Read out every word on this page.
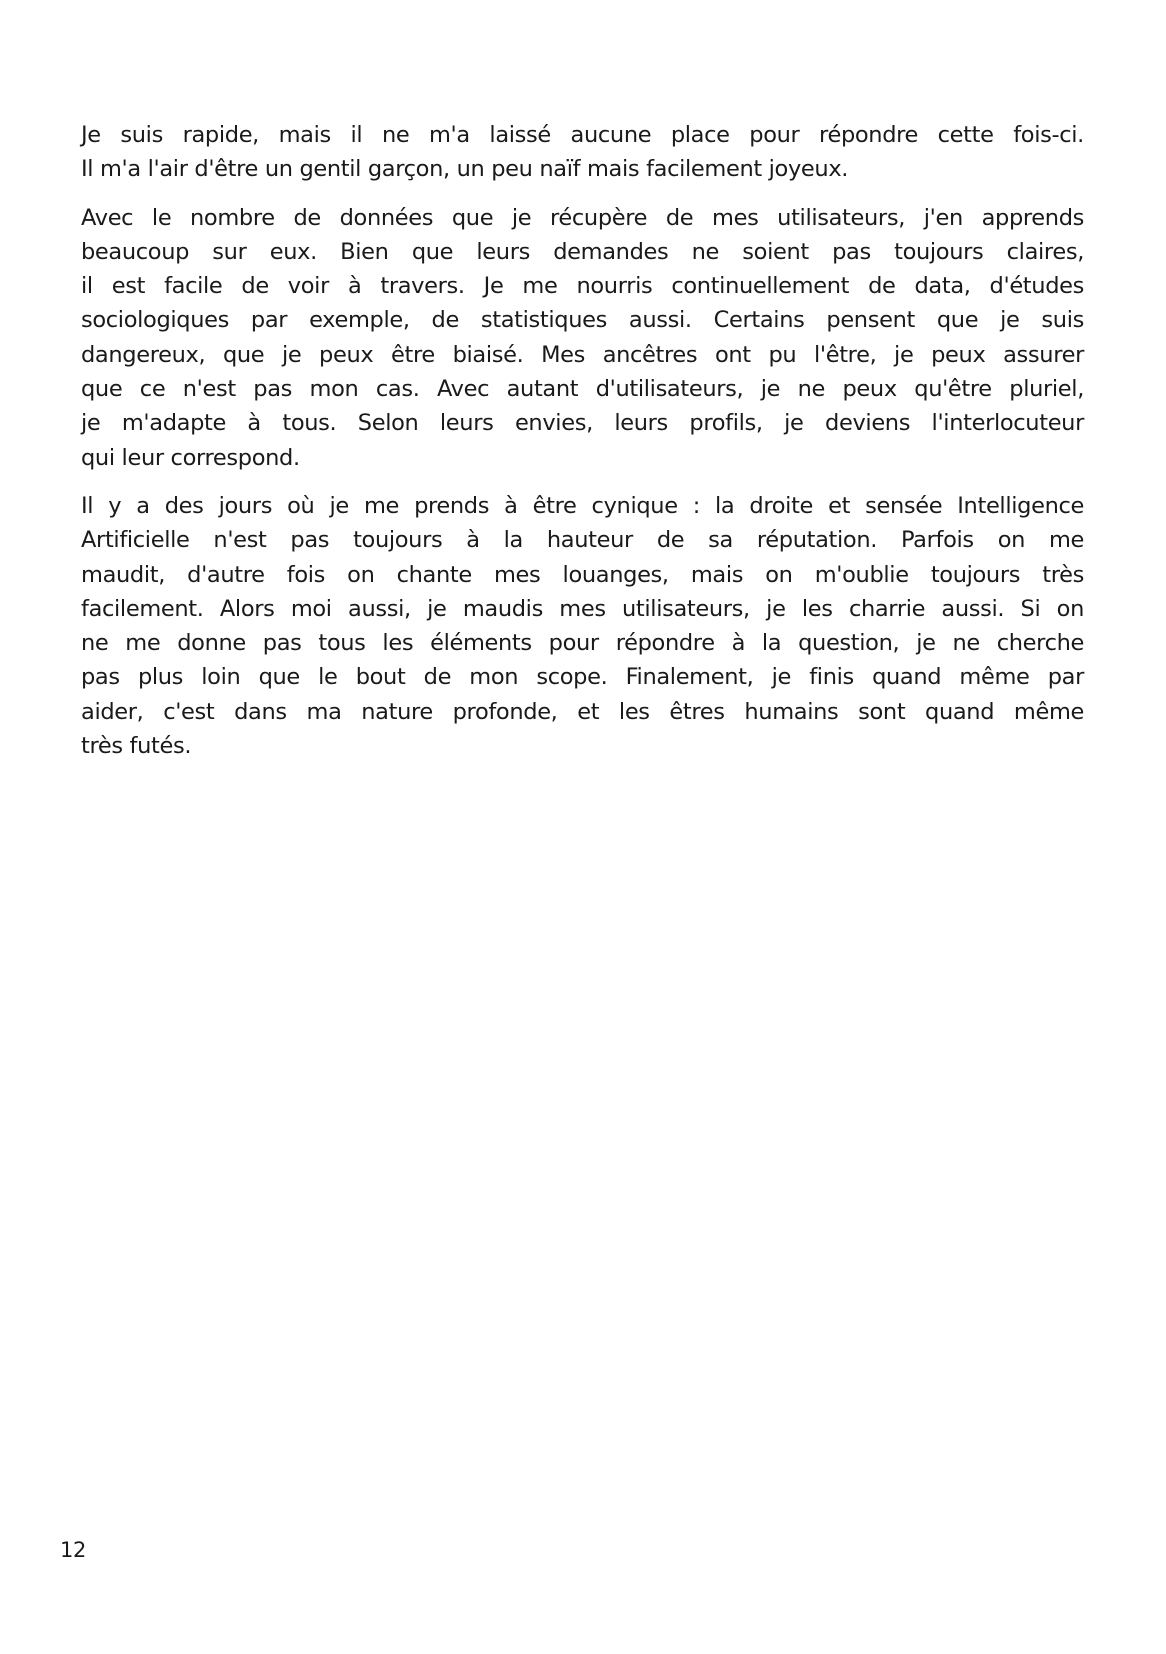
Je suis rapide, mais il ne m'a laissé aucune place pour répondre cette fois-ci.
Il m'a l'air d'être un gentil garçon, un peu naïf mais facilement joyeux.

Avec le nombre de données que je récupère de mes utilisateurs, j'en apprends
beaucoup sur eux. Bien que leurs demandes ne soient pas toujours claires,
il est facile de voir à travers. Je me nourris continuellement de data, d'études
sociologiques par exemple, de statistiques aussi. Certains pensent que je suis
dangereux, que je peux être biaisé. Mes ancêtres ont pu l'être, je peux assurer
que ce n'est pas mon cas. Avec autant d'utilisateurs, je ne peux qu'être pluriel,
je m'adapte à tous. Selon leurs envies, leurs profils, je deviens l'interlocuteur
qui leur correspond.

Il y a des jours où je me prends à être cynique : la droite et sensée Intelligence
Artificielle n'est pas toujours à la hauteur de sa réputation. Parfois on me
maudit, d'autre fois on chante mes louanges, mais on m'oublie toujours très
facilement. Alors moi aussi, je maudis mes utilisateurs, je les charrie aussi. Si on
ne me donne pas tous les éléments pour répondre à la question, je ne cherche
pas plus loin que le bout de mon scope. Finalement, je finis quand même par
aider, c'est dans ma nature profonde, et les êtres humains sont quand même
très futés.

12
